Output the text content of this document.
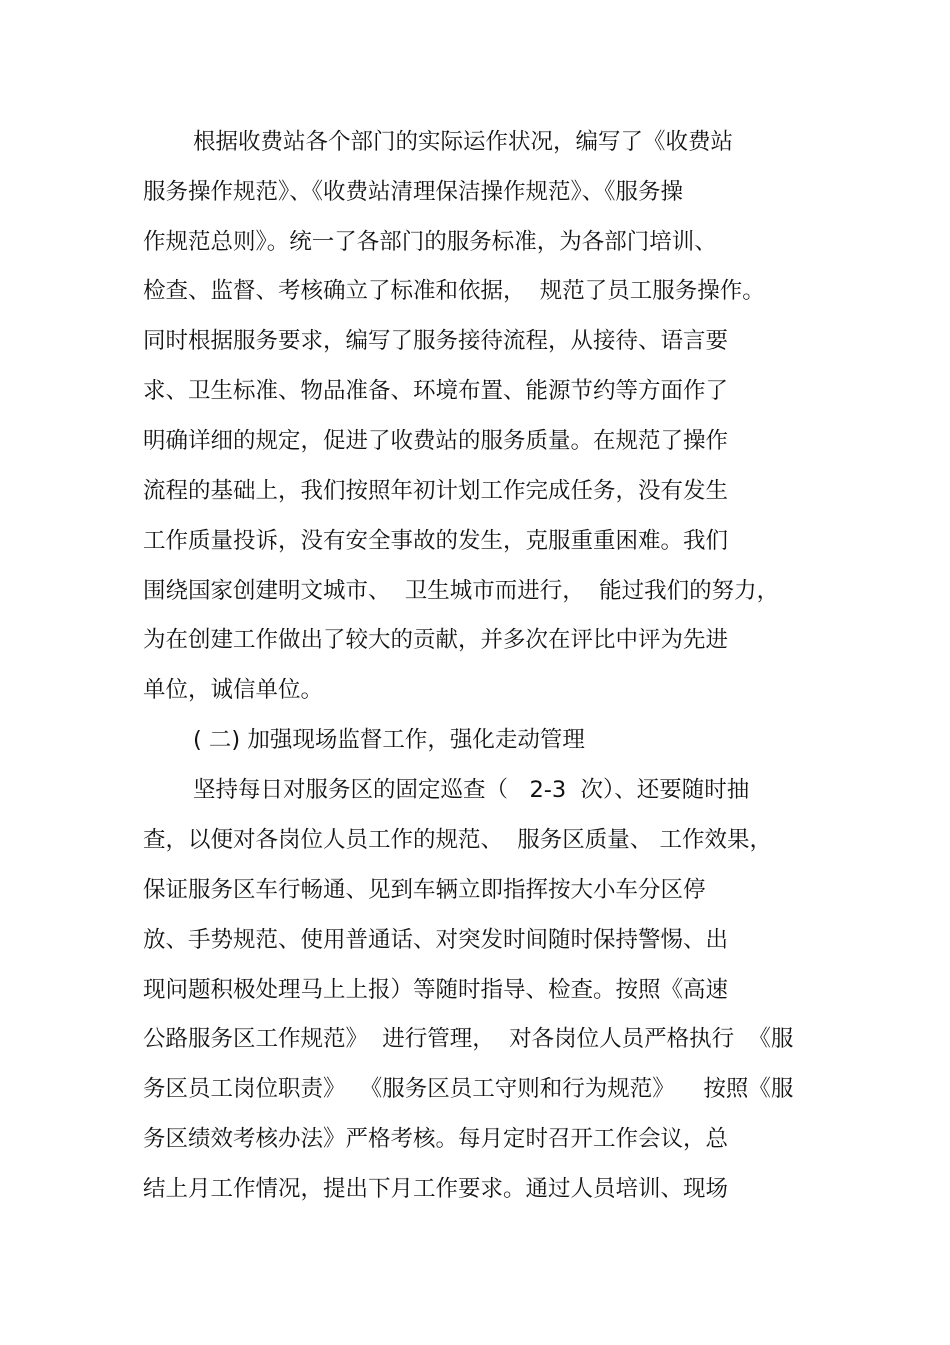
根据收费站各个部门的实际运作状况，编写了《收费站
服务操作规范》、《收费站清理保洁操作规范》、《服务操
作规范总则》。统一了各部门的服务标准，为各部门培训、
检查、监督、考核确立了标准和依据，  规范了员工服务操作。
同时根据服务要求，编写了服务接待流程，从接待、语言要
求、卫生标准、物品准备、环境布置、能源节约等方面作了
明确详细的规定，促进了收费站的服务质量。在规范了操作
流程的基础上，我们按照年初计划工作完成任务，没有发生
工作质量投诉，没有安全事故的发生，克服重重困难。我们
围绕国家创建明文城市、  卫生城市而进行，  能过我们的努力，
为在创建工作做出了较大的贡献，并多次在评比中评为先进
单位，诚信单位。
( 二) 加强现场监督工作，强化走动管理
坚持每日对服务区的固定巡查（   2-3  次）、还要随时抽
查，以便对各岗位人员工作的规范、  服务区质量、 工作效果，
保证服务区车行畅通、见到车辆立即指挥按大小车分区停
放、手势规范、使用普通话、对突发时间随时保持警惕、出
现问题积极处理马上上报）等随时指导、检查。按照《高速
公路服务区工作规范》  进行管理，  对各岗位人员严格执行  《服
务区员工岗位职责》  《服务区员工守则和行为规范》    按照《服
务区绩效考核办法》严格考核。每月定时召开工作会议，总
结上月工作情况，提出下月工作要求。通过人员培训、现场
